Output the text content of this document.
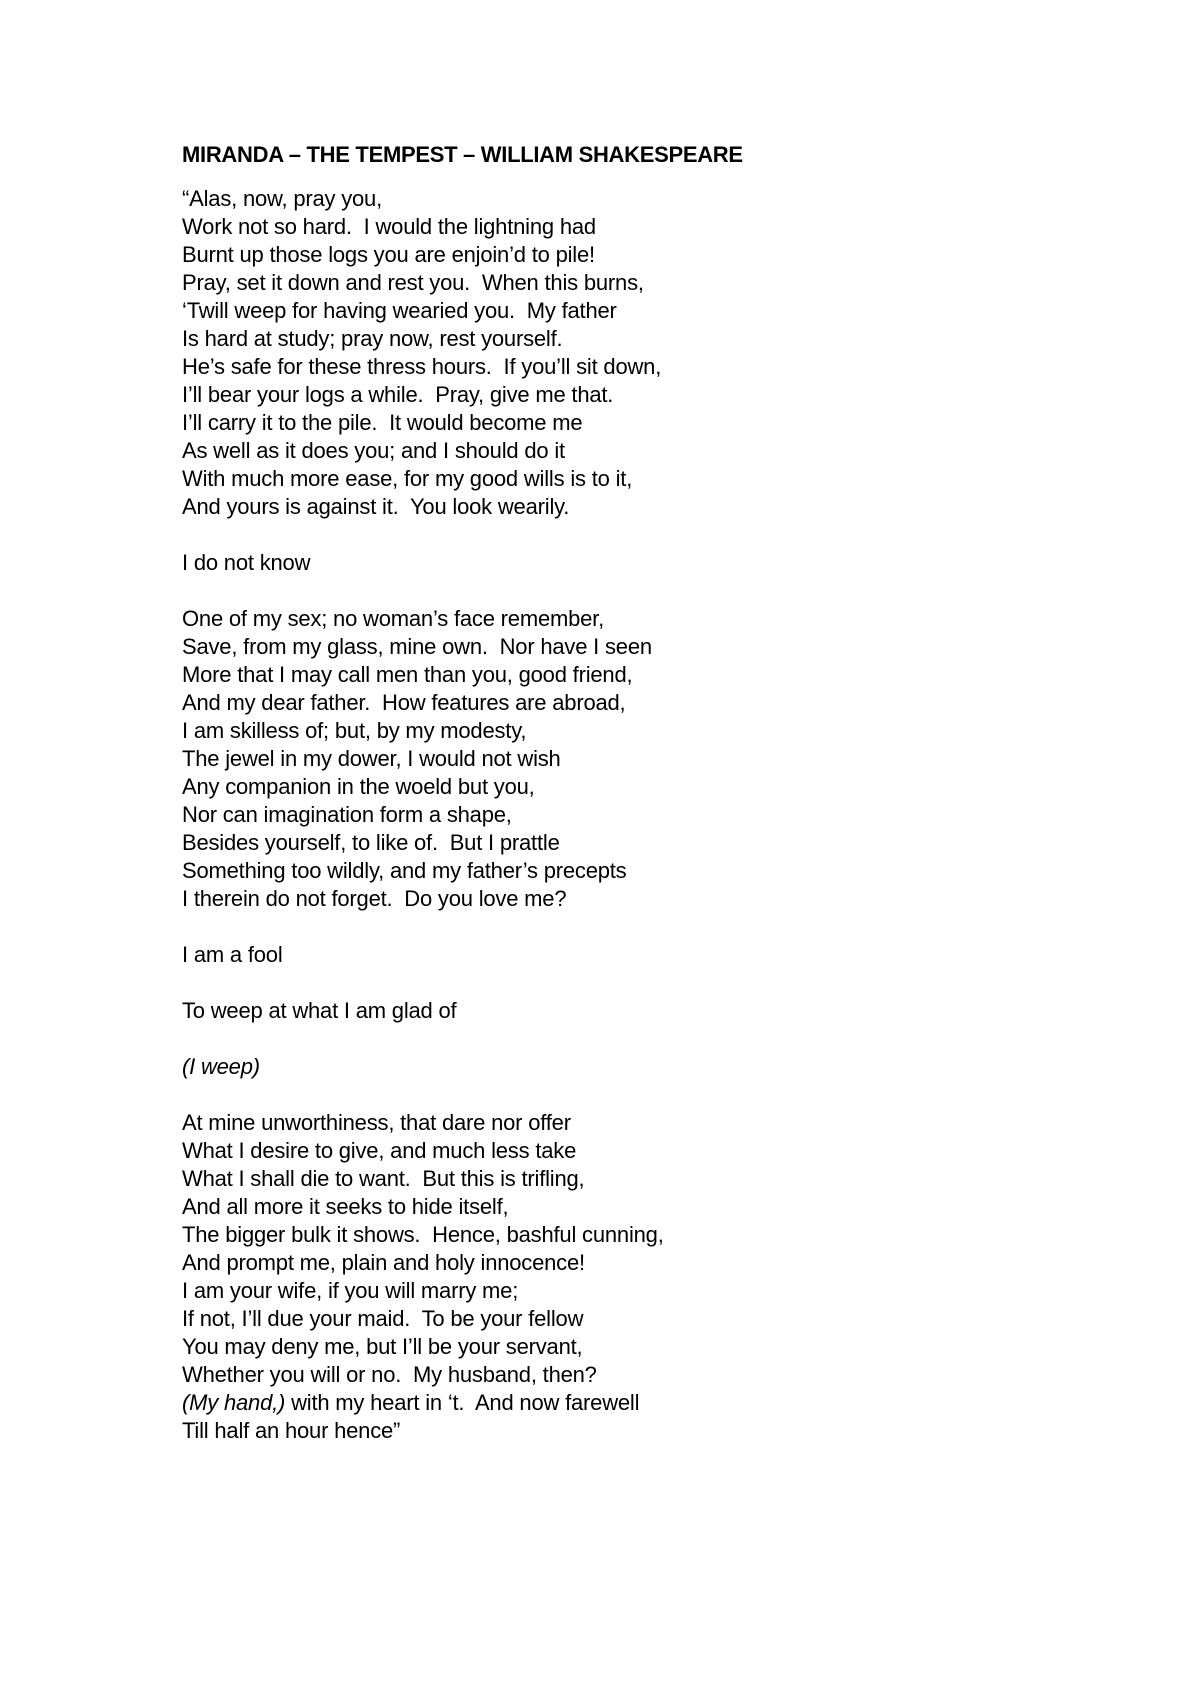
MIRANDA – THE TEMPEST – WILLIAM SHAKESPEARE
“Alas, now, pray you,
Work not so hard.  I would the lightning had
Burnt up those logs you are enjoin’d to pile!
Pray, set it down and rest you.  When this burns,
‘Twill weep for having wearied you.  My father
Is hard at study; pray now, rest yourself.
He’s safe for these thress hours.  If you’ll sit down,
I’ll bear your logs a while.  Pray, give me that.
I’ll carry it to the pile.  It would become me
As well as it does you; and I should do it
With much more ease, for my good wills is to it,
And yours is against it.  You look wearily.
I do not know
One of my sex; no woman’s face remember,
Save, from my glass, mine own.  Nor have I seen
More that I may call men than you, good friend,
And my dear father.  How features are abroad,
I am skilless of; but, by my modesty,
The jewel in my dower, I would not wish
Any companion in the woeld but you,
Nor can imagination form a shape,
Besides yourself, to like of.  But I prattle
Something too wildly, and my father’s precepts
I therein do not forget.  Do you love me?
I am a fool
To weep at what I am glad of
(I weep)
At mine unworthiness, that dare nor offer
What I desire to give, and much less take
What I shall die to want.  But this is trifling,
And all more it seeks to hide itself,
The bigger bulk it shows.  Hence, bashful cunning,
And prompt me, plain and holy innocence!
I am your wife, if you will marry me;
If not, I’ll due your maid.  To be your fellow
You may deny me, but I’ll be your servant,
Whether you will or no.  My husband, then?
(My hand,) with my heart in ‘t.  And now farewell
Till half an hour hence”
